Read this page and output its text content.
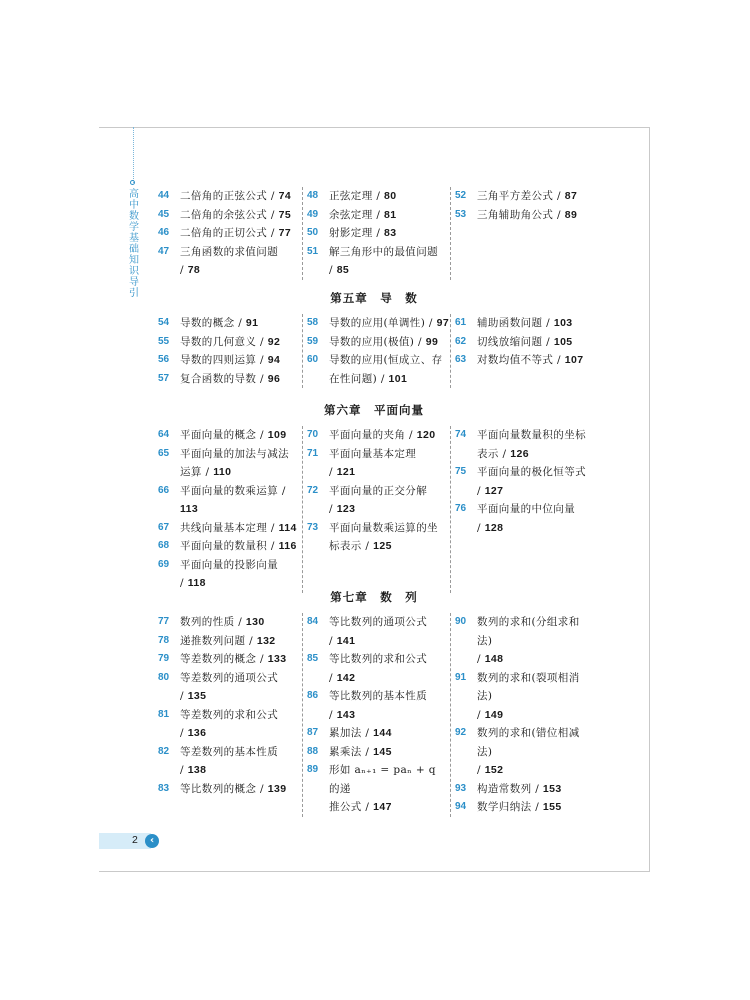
高中数学基础知识导引
44	二倍角的正弦公式 / 74
45	二倍角的余弦公式 / 75
46	二倍角的正切公式 / 77
47	三角函数的求值问题
/ 78
48	正弦定理 / 80
49	余弦定理 / 81
50	射影定理 / 83
51	解三角形中的最值问题
/ 85
52	三角平方差公式 / 87
53	三角辅助角公式 / 89
第五章　导　数
54	导数的概念 / 91
55	导数的几何意义 / 92
56	导数的四则运算 / 94
57	复合函数的导数 / 96
58	导数的应用(单调性) / 97
59	导数的应用(极值) / 99
60	导数的应用(恒成立、存
在性问题) / 101
61	辅助函数问题 / 103
62	切线放缩问题 / 105
63	对数均值不等式 / 107
第六章　平面向量
64	平面向量的概念 / 109
65	平面向量的加法与减法
运算 / 110
66	平面向量的数乘运算 / 113
67	共线向量基本定理 / 114
68	平面向量的数量积 / 116
69	平面向量的投影向量
/ 118
70	平面向量的夹角 / 120
71	平面向量基本定理
/ 121
72	平面向量的正交分解
/ 123
73	平面向量数乘运算的坐
标表示 / 125
74	平面向量数量积的坐标
表示 / 126
75	平面向量的极化恒等式
/ 127
76	平面向量的中位向量
/ 128
第七章　数　列
77	数列的性质 / 130
78	递推数列问题 / 132
79	等差数列的概念 / 133
80	等差数列的通项公式
/ 135
81	等差数列的求和公式
/ 136
82	等差数列的基本性质
/ 138
83	等比数列的概念 / 139
84	等比数列的通项公式
/ 141
85	等比数列的求和公式
/ 142
86	等比数列的基本性质
/ 143
87	累加法 / 144
88	累乘法 / 145
89	形如 aₙ₊₁ = paₙ + q 的递
推公式 / 147
90	数列的求和(分组求和法)
/ 148
91	数列的求和(裂项相消法)
/ 149
92	数列的求和(错位相减法)
/ 152
93	构造常数列 / 153
94	数学归纳法 / 155
2	‹
